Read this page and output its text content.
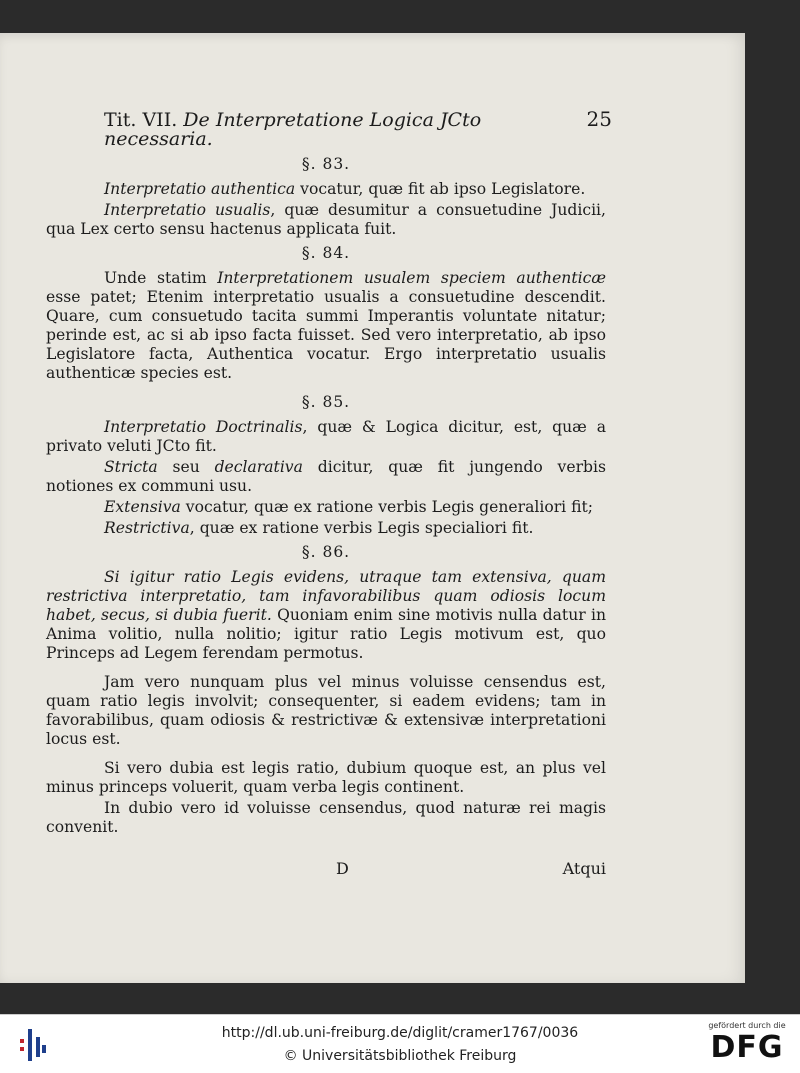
Tit. VII. De Interpretatione Logica JCto necessaria.
25
§. 83.

Interpretatio authentica vocatur, quæ fit ab ipso Legislatore.

Interpretatio usualis, quæ desumitur a consuetudine Judicii, qua Lex certo sensu hactenus applicata fuit.

§. 84.

Unde statim Interpretationem usualem speciem authenticæ esse patet; Etenim interpretatio usualis a consuetudine descendit. Quare, cum consuetudo tacita summi Imperantis voluntate nitatur; perinde est, ac si ab ipso facta fuisset. Sed vero interpretatio, ab ipso Legislatore facta, Authentica vocatur. Ergo interpretatio usualis authenticæ species est.

§. 85.

Interpretatio Doctrinalis, quæ & Logica dicitur, est, quæ a privato veluti JCto fit.

Stricta seu declarativa dicitur, quæ fit jungendo verbis notiones ex communi usu.

Extensiva vocatur, quæ ex ratione verbis Legis generaliori fit;

Restrictiva, quæ ex ratione verbis Legis specialiori fit.

§. 86.

Si igitur ratio Legis evidens, utraque tam extensiva, quam restrictiva interpretatio, tam infavorabilibus quam odiosis locum habet, secus, si dubia fuerit. Quoniam enim sine motivis nulla datur in Anima volitio, nulla nolitio; igitur ratio Legis motivum est, quo Princeps ad Legem ferendam permotus.

Jam vero nunquam plus vel minus voluisse censendus est, quam ratio legis involvit; consequenter, si eadem evidens; tam in favorabilibus, quam odiosis & restrictivæ & extensivæ interpretationi locus est.

Si vero dubia est legis ratio, dubium quoque est, an plus vel minus princeps voluerit, quam verba legis continent.

In dubio vero id voluisse censendus, quod naturæ rei magis convenit.

D	Atqui
http://dl.ub.uni-freiburg.de/diglit/cramer1767/0036
© Universitätsbibliothek Freiburg
gefördert durch die
DFG
